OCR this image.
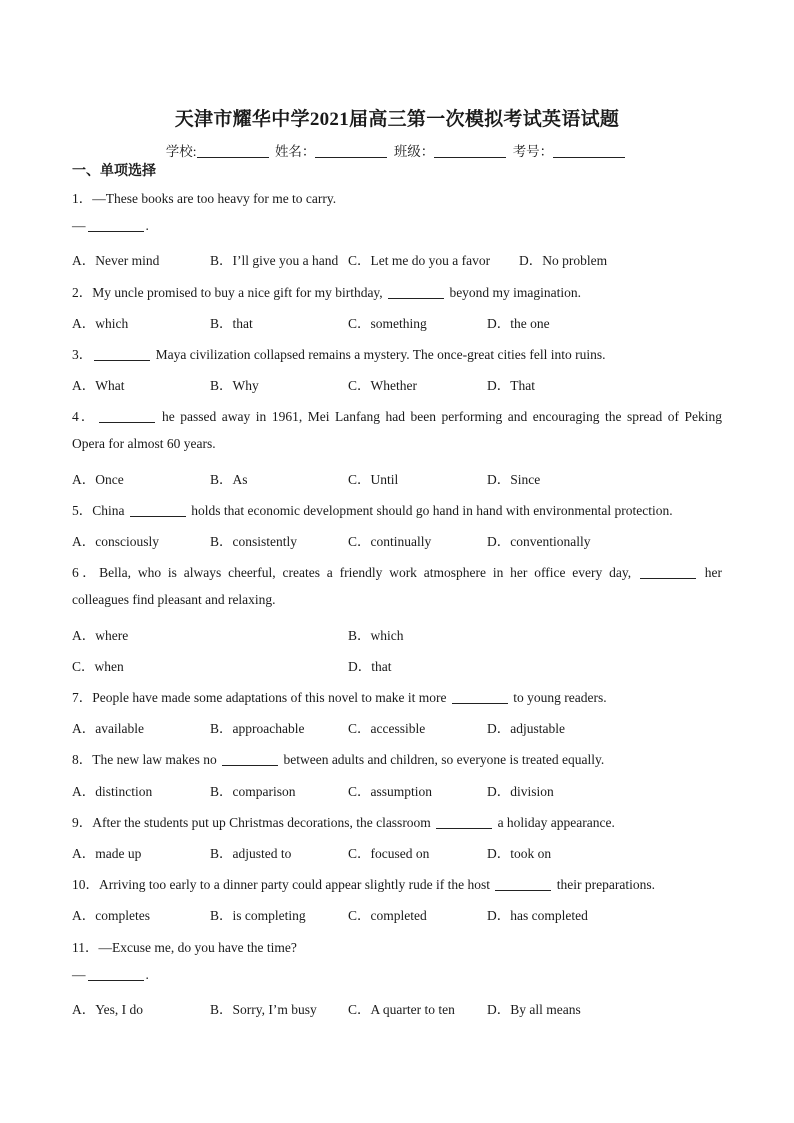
天津市耀华中学2021届高三第一次模拟考试英语试题
学校:	姓名：	班级：	考号：
一、单项选择
1．—These books are too heavy for me to carry.
—	.
A．Never mind	B．I’ll give you a hand C．Let me do you a favor D．No problem
2．My uncle promised to buy a nice gift for my birthday,	beyond my imagination.
A．which	B．that	C．something	D．the one
3．	Maya civilization collapsed remains a mystery. The once-great cities fell into ruins.
A．What	B．Why	C．Whether	D．That
4．	he passed away in 1961, Mei Lanfang had been performing and encouraging the spread of Peking
Opera for almost 60 years.
A．Once	B．As	C．Until	D．Since
5．China	holds that economic development should go hand in hand with environmental protection.
A．consciously	B．consistently	C．continually	D．conventionally
6．Bella, who is always cheerful, creates a friendly work atmosphere in her office every day,	her
colleagues find pleasant and relaxing.
A．where	B．which
C．when	D．that
7．People have made some adaptations of this novel to make it more	to young readers.
A．available	B．approachable	C．accessible	D．adjustable
8．The new law makes no	between adults and children, so everyone is treated equally.
A．distinction	B．comparison	C．assumption	D．division
9．After the students put up Christmas decorations, the classroom	a holiday appearance.
A．made up	B．adjusted to	C．focused on	D．took on
10．Arriving too early to a dinner party could appear slightly rude if the host	their preparations.
A．completes	B．is completing	C．completed	D．has completed
11．—Excuse me, do you have the time?
—	.
A．Yes, I do	B．Sorry, I’m busy C．A quarter to ten D．By all means
